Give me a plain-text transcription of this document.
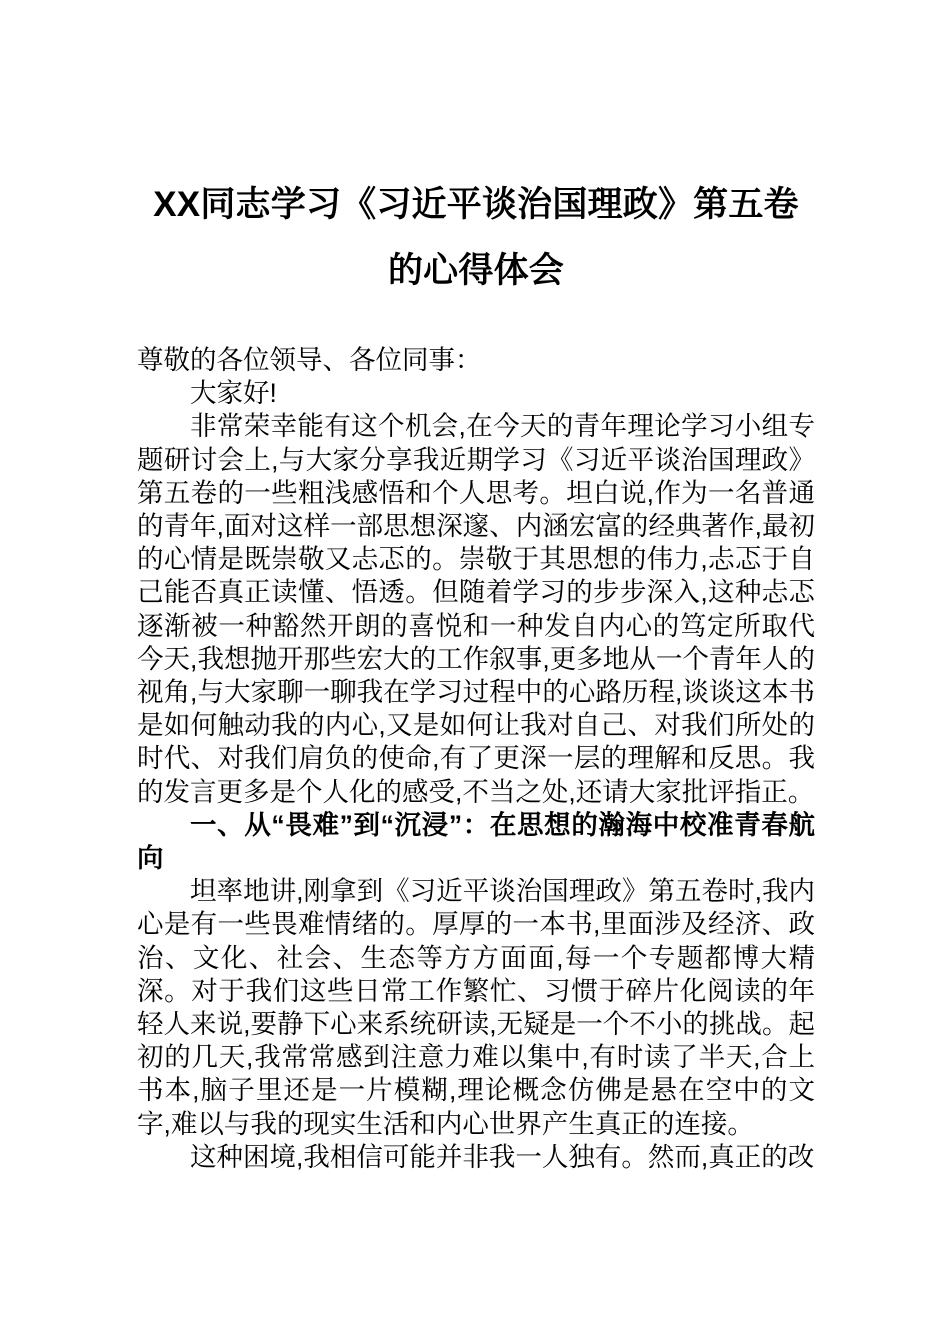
XX同志学习《习近平谈治国理政》第五卷
的心得体会

尊敬的各位领导、各位同事：

大家好!

非常荣幸能有这个机会,在今天的青年理论学习小组专题研讨会上,与大家分享我近期学习《习近平谈治国理政》第五卷的一些粗浅感悟和个人思考。坦白说,作为一名普通的青年,面对这样一部思想深邃、内涵宏富的经典著作,最初的心情是既崇敬又忐忑的。崇敬于其思想的伟力,忐忑于自己能否真正读懂、悟透。但随着学习的步步深入,这种忐忑逐渐被一种豁然开朗的喜悦和一种发自内心的笃定所取代今天,我想抛开那些宏大的工作叙事,更多地从一个青年人的视角,与大家聊一聊我在学习过程中的心路历程,谈谈这本书是如何触动我的内心,又是如何让我对自己、对我们所处的时代、对我们肩负的使命,有了更深一层的理解和反思。我的发言更多是个人化的感受,不当之处,还请大家批评指正。

一、从“畏难”到“沉浸”：在思想的瀚海中校准青春航向

坦率地讲,刚拿到《习近平谈治国理政》第五卷时,我内心是有一些畏难情绪的。厚厚的一本书,里面涉及经济、政治、文化、社会、生态等方方面面,每一个专题都博大精深。对于我们这些日常工作繁忙、习惯于碎片化阅读的年轻人来说,要静下心来系统研读,无疑是一个不小的挑战。起初的几天,我常常感到注意力难以集中,有时读了半天,合上书本,脑子里还是一片模糊,理论概念仿佛是悬在空中的文字,难以与我的现实生活和内心世界产生真正的连接。

这种困境,我相信可能并非我一人独有。然而,真正的改
